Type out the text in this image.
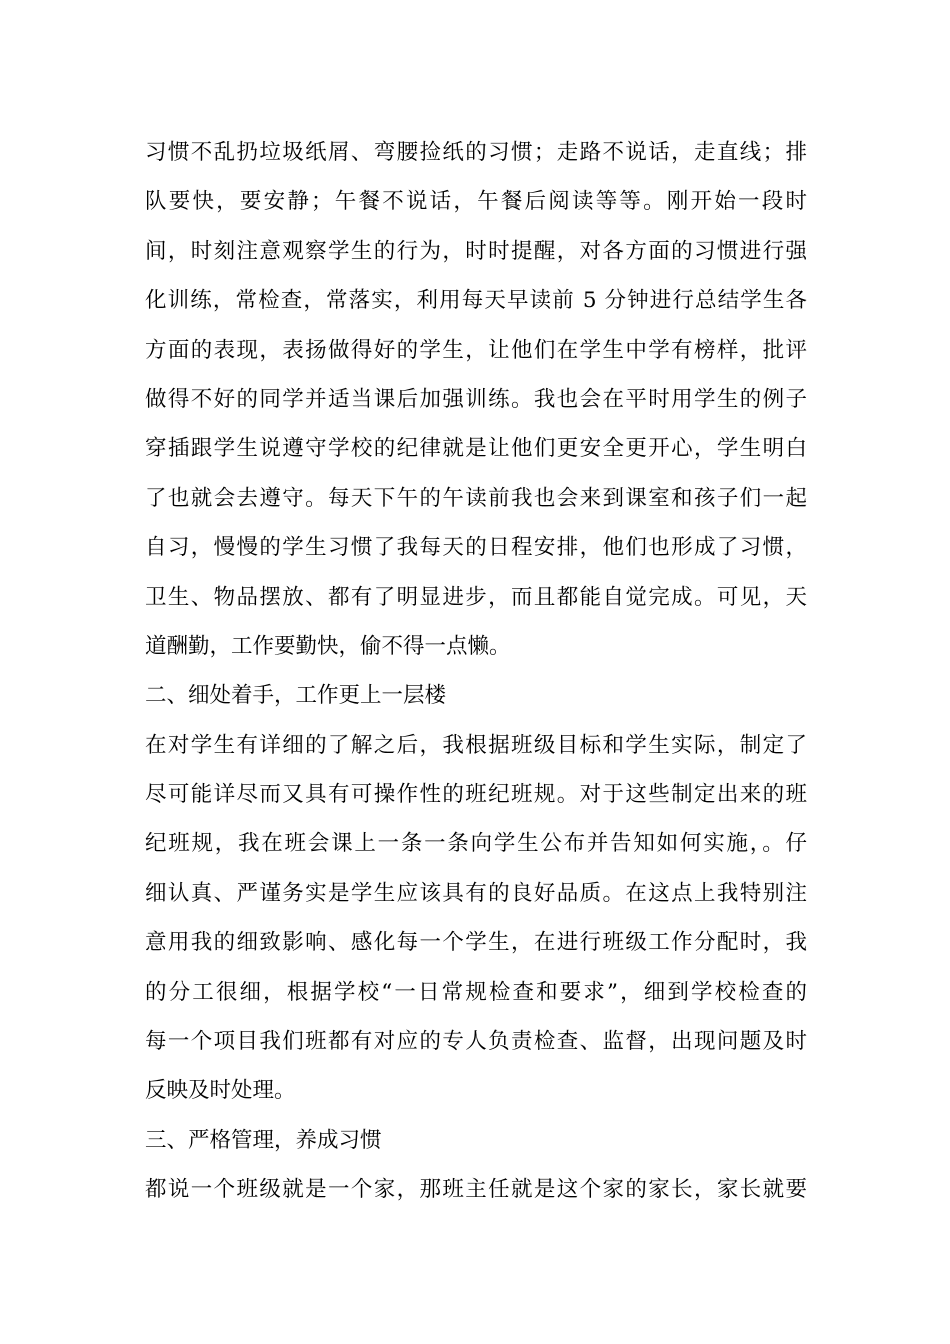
习惯不乱扔垃圾纸屑、弯腰捡纸的习惯；走路不说话，走直线；排
队要快，要安静；午餐不说话，午餐后阅读等等。刚开始一段时
间，时刻注意观察学生的行为，时时提醒，对各方面的习惯进行强
化训练，常检查，常落实，利用每天早读前 5 分钟进行总结学生各
方面的表现，表扬做得好的学生，让他们在学生中学有榜样，批评
做得不好的同学并适当课后加强训练。我也会在平时用学生的例子
穿插跟学生说遵守学校的纪律就是让他们更安全更开心，学生明白
了也就会去遵守。每天下午的午读前我也会来到课室和孩子们一起
自习，慢慢的学生习惯了我每天的日程安排，他们也形成了习惯，
卫生、物品摆放、都有了明显进步，而且都能自觉完成。可见，天
道酬勤，工作要勤快，偷不得一点懒。
二、细处着手，工作更上一层楼
在对学生有详细的了解之后，我根据班级目标和学生实际，制定了
尽可能详尽而又具有可操作性的班纪班规。对于这些制定出来的班
纪班规，我在班会课上一条一条向学生公布并告知如何实施，。仔
细认真、严谨务实是学生应该具有的良好品质。在这点上我特别注
意用我的细致影响、感化每一个学生，在进行班级工作分配时，我
的分工很细，根据学校“一日常规检查和要求”，细到学校检查的
每一个项目我们班都有对应的专人负责检查、监督，出现问题及时
反映及时处理。
三、严格管理，养成习惯
都说一个班级就是一个家，那班主任就是这个家的家长，家长就要
